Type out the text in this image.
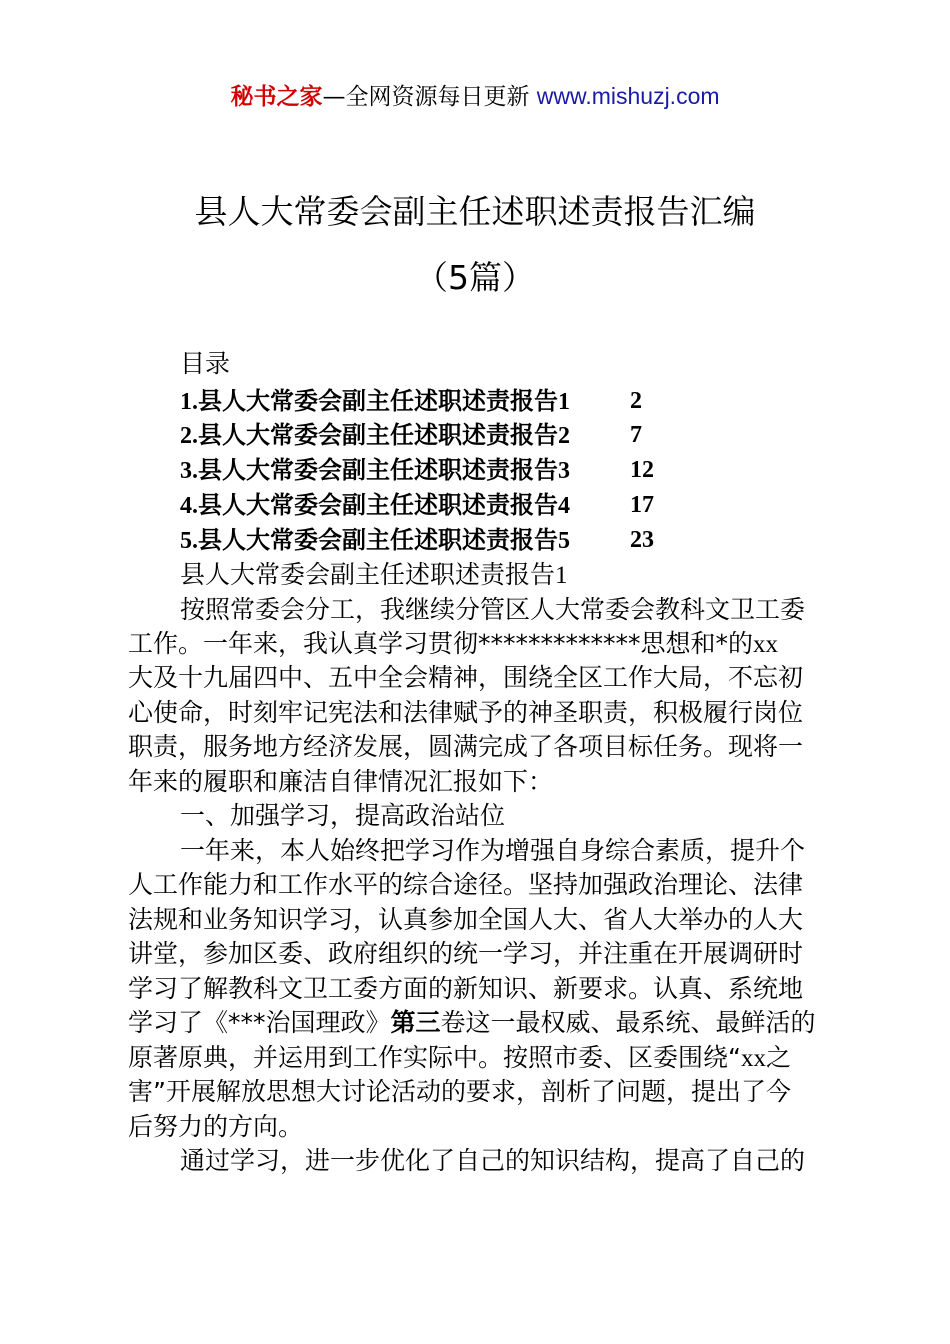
秘书之家—全网资源每日更新 www.mishuzj.com
县人大常委会副主任述职述责报告汇编
（5篇）
目录
1.县人大常委会副主任述职述责报告1	2
2.县人大常委会副主任述职述责报告2	7
3.县人大常委会副主任述职述责报告3	12
4.县人大常委会副主任述职述责报告4	17
5.县人大常委会副主任述职述责报告5	23
县人大常委会副主任述职述责报告1
按照常委会分工，我继续分管区人大常委会教科文卫工委
工作。一年来，我认真学习贯彻*************思想和*的xx
大及十九届四中、五中全会精神，围绕全区工作大局，不忘初
心使命，时刻牢记宪法和法律赋予的神圣职责，积极履行岗位
职责，服务地方经济发展，圆满完成了各项目标任务。现将一
年来的履职和廉洁自律情况汇报如下：
一、加强学习，提高政治站位
一年来，本人始终把学习作为增强自身综合素质，提升个
人工作能力和工作水平的综合途径。坚持加强政治理论、法律
法规和业务知识学习，认真参加全国人大、省人大举办的人大
讲堂，参加区委、政府组织的统一学习，并注重在开展调研时
学习了解教科文卫工委方面的新知识、新要求。认真、系统地
学习了《***治国理政》第三卷这一最权威、最系统、最鲜活的
原著原典，并运用到工作实际中。按照市委、区委围绕“xx之
害”开展解放思想大讨论活动的要求，剖析了问题，提出了今
后努力的方向。
通过学习，进一步优化了自己的知识结构，提高了自己的
